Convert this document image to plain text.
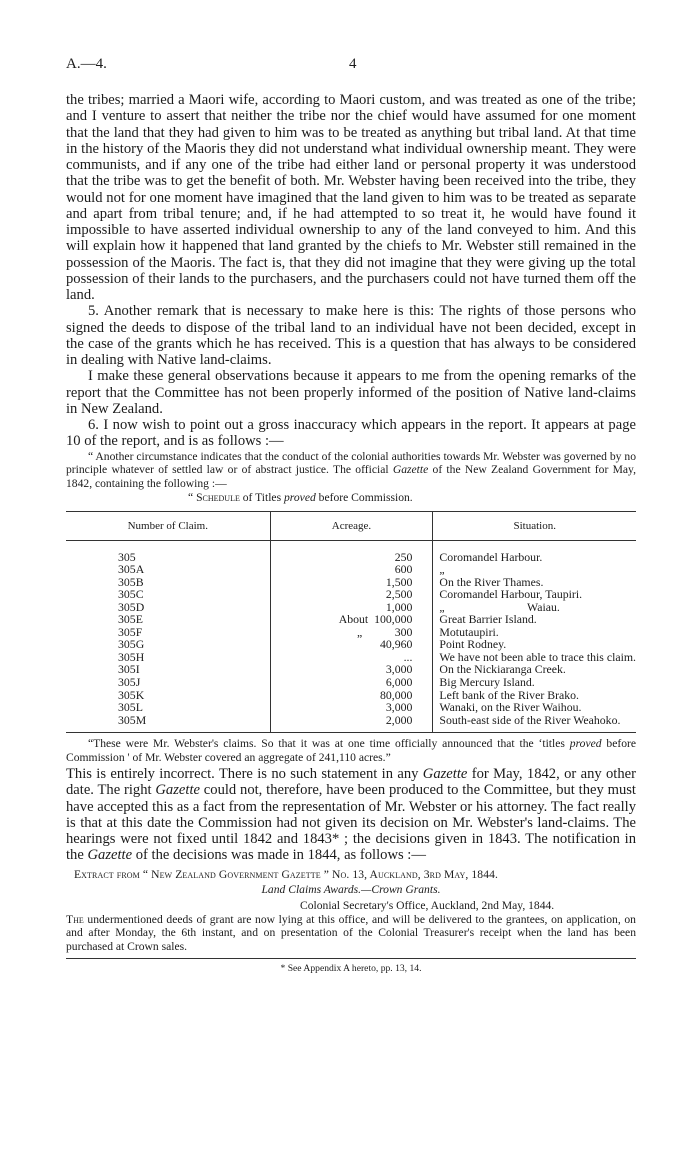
A.—4.	4

the tribes; married a Maori wife, according to Maori custom, and was treated as one of the tribe; and I venture to assert that neither the tribe nor the chief would have assumed for one moment that the land that they had given to him was to be treated as anything but tribal land. At that time in the history of the Maoris they did not understand what individual ownership meant. They were communists, and if any one of the tribe had either land or personal property it was understood that the tribe was to get the benefit of both. Mr. Webster having been received into the tribe, they would not for one moment have imagined that the land given to him was to be treated as separate and apart from tribal tenure; and, if he had attempted to so treat it, he would have found it impossible to have asserted individual ownership to any of the land conveyed to him. And this will explain how it happened that land granted by the chiefs to Mr. Webster still remained in the possession of the Maoris. The fact is, that they did not imagine that they were giving up the total possession of their lands to the purchasers, and the purchasers could not have turned them off the land.

5. Another remark that is necessary to make here is this: The rights of those persons who signed the deeds to dispose of the tribal land to an individual have not been decided, except in the case of the grants which he has received. This is a question that has always to be considered in dealing with Native land-claims.

I make these general observations because it appears to me from the opening remarks of the report that the Committee has not been properly informed of the position of Native land-claims in New Zealand.

6. I now wish to point out a gross inaccuracy which appears in the report. It appears at page 10 of the report, and is as follows :—

“ Another circumstance indicates that the conduct of the colonial authorities towards Mr. Webster was governed by no principle whatever of settled law or of abstract justice. The official Gazette of the New Zealand Government for May, 1842, containing the following :—

“ Schedule of Titles proved before Commission.

Number of Claim.	Acreage.	Situation.
305	250	Coromandel Harbour.
305A	600	„
305B	1,500	On the River Thames.
305C	2,500	Coromandel Harbour, Taupiri.
305D	1,000	„                            Waiau.
305E	About  100,000	Great Barrier Island.
305F	„           300	Motutaupiri.
305G	40,960	Point Rodney.
305H	...	We have not been able to trace this claim.
305I	3,000	On the Nickiaranga Creek.
305J	6,000	Big Mercury Island.
305K	80,000	Left bank of the River Brako.
305L	3,000	Wanaki, on the River Waihou.
305M	2,000	South-east side of the River Weahoko.

“These were Mr. Webster's claims. So that it was at one time officially announced that the ‘titles proved before Commission ' of Mr. Webster covered an aggregate of 241,110 acres.”

This is entirely incorrect. There is no such statement in any Gazette for May, 1842, or any other date. The right Gazette could not, therefore, have been produced to the Committee, but they must have accepted this as a fact from the representation of Mr. Webster or his attorney. The fact really is that at this date the Commission had not given its decision on Mr. Webster's land-claims. The hearings were not fixed until 1842 and 1843* ; the decisions given in 1843. The notification in the Gazette of the decisions was made in 1844, as follows :—

Extract from “ New Zealand Government Gazette ” No. 13, Auckland, 3rd May, 1844.
Land Claims Awards.—Crown Grants.
Colonial Secretary's Office, Auckland, 2nd May, 1844.

The undermentioned deeds of grant are now lying at this office, and will be delivered to the grantees, on application, on and after Monday, the 6th instant, and on presentation of the Colonial Treasurer's receipt when the land has been purchased at Crown sales.

* See Appendix A hereto, pp. 13, 14.
